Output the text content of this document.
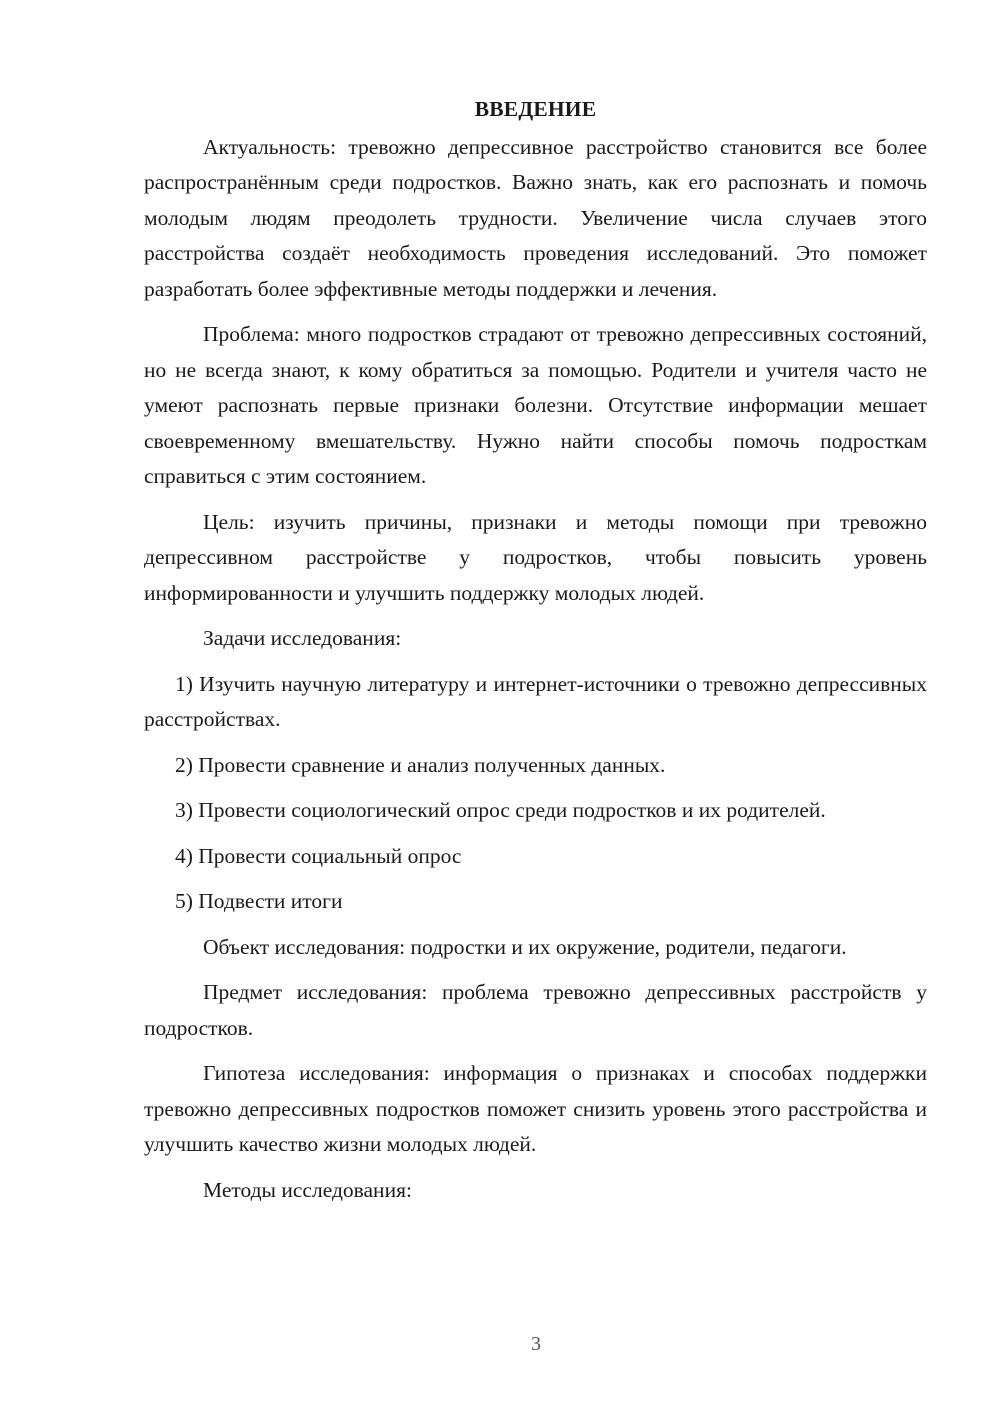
ВВЕДЕНИЕ

Актуальность: тревожно депрессивное расстройство становится все более распространённым среди подростков. Важно знать, как его распознать и помочь молодым людям преодолеть трудности. Увеличение числа случаев этого расстройства создаёт необходимость проведения исследований. Это поможет разработать более эффективные методы поддержки и лечения.

Проблема: много подростков страдают от тревожно депрессивных состояний, но не всегда знают, к кому обратиться за помощью. Родители и учителя часто не умеют распознать первые признаки болезни. Отсутствие информации мешает своевременному вмешательству. Нужно найти способы помочь подросткам справиться с этим состоянием.

Цель: изучить причины, признаки и методы помощи при тревожно депрессивном расстройстве у подростков, чтобы повысить уровень информированности и улучшить поддержку молодых людей.

Задачи исследования:

1) Изучить научную литературу и интернет-источники о тревожно депрессивных расстройствах.

2) Провести сравнение и анализ полученных данных.

3) Провести социологический опрос среди подростков и их родителей.

4) Провести социальный опрос

5) Подвести итоги

Объект исследования: подростки и их окружение, родители, педагоги.

Предмет исследования: проблема тревожно депрессивных расстройств у подростков.

Гипотеза исследования: информация о признаках и способах поддержки тревожно депрессивных подростков поможет снизить уровень этого расстройства и улучшить качество жизни молодых людей.

Методы исследования:

3
